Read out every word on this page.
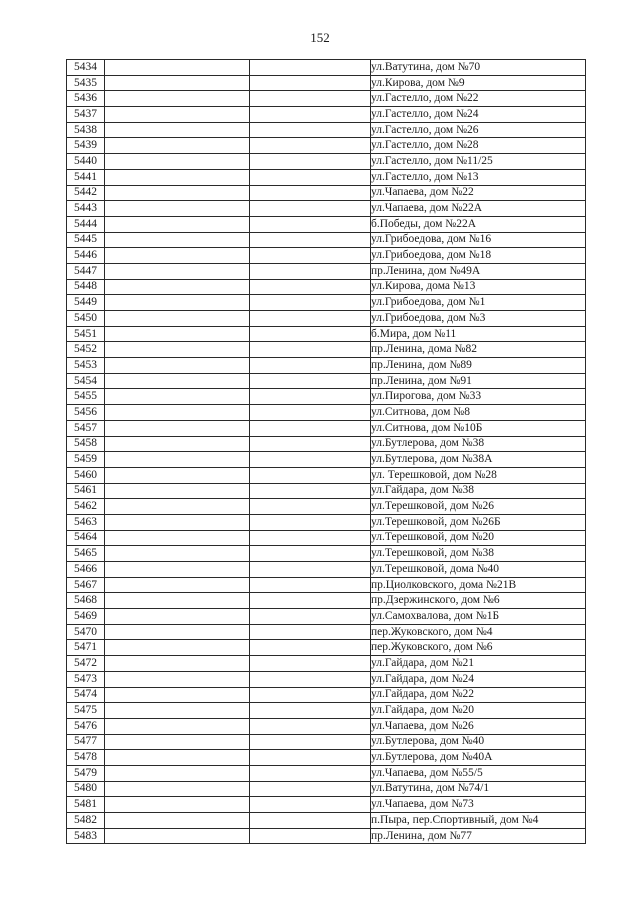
152
5434			ул.Ватутина, дом №70
5435			ул.Кирова, дом №9
5436			ул.Гастелло, дом №22
5437			ул.Гастелло, дом №24
5438			ул.Гастелло, дом №26
5439			ул.Гастелло, дом №28
5440			ул.Гастелло, дом №11/25
5441			ул.Гастелло, дом №13
5442			ул.Чапаева, дом №22
5443			ул.Чапаева, дом №22А
5444			б.Победы, дом №22А
5445			ул.Грибоедова, дом №16
5446			ул.Грибоедова, дом №18
5447			пр.Ленина, дом №49А
5448			ул.Кирова, дома №13
5449			ул.Грибоедова, дом №1
5450			ул.Грибоедова, дом №3
5451			б.Мира, дом №11
5452			пр.Ленина, дома №82
5453			пр.Ленина, дом №89
5454			пр.Ленина, дом №91
5455			ул.Пирогова, дом №33
5456			ул.Ситнова, дом №8
5457			ул.Ситнова, дом №10Б
5458			ул.Бутлерова, дом №38
5459			ул.Бутлерова, дом №38А
5460			ул. Терешковой, дом №28
5461			ул.Гайдара, дом №38
5462			ул.Терешковой, дом №26
5463			ул.Терешковой, дом №26Б
5464			ул.Терешковой, дом №20
5465			ул.Терешковой, дом №38
5466			ул.Терешковой, дома №40
5467			пр.Циолковского, дома №21В
5468			пр.Дзержинского, дом №6
5469			ул.Самохвалова, дом №1Б
5470			пер.Жуковского, дом №4
5471			пер.Жуковского, дом №6
5472			ул.Гайдара, дом №21
5473			ул.Гайдара, дом №24
5474			ул.Гайдара, дом №22
5475			ул.Гайдара, дом №20
5476			ул.Чапаева, дом №26
5477			ул.Бутлерова, дом №40
5478			ул.Бутлерова, дом №40А
5479			ул.Чапаева, дом №55/5
5480			ул.Ватутина, дом №74/1
5481			ул.Чапаева, дом №73
5482			п.Пыра, пер.Спортивный, дом №4
5483			пр.Ленина, дом №77
